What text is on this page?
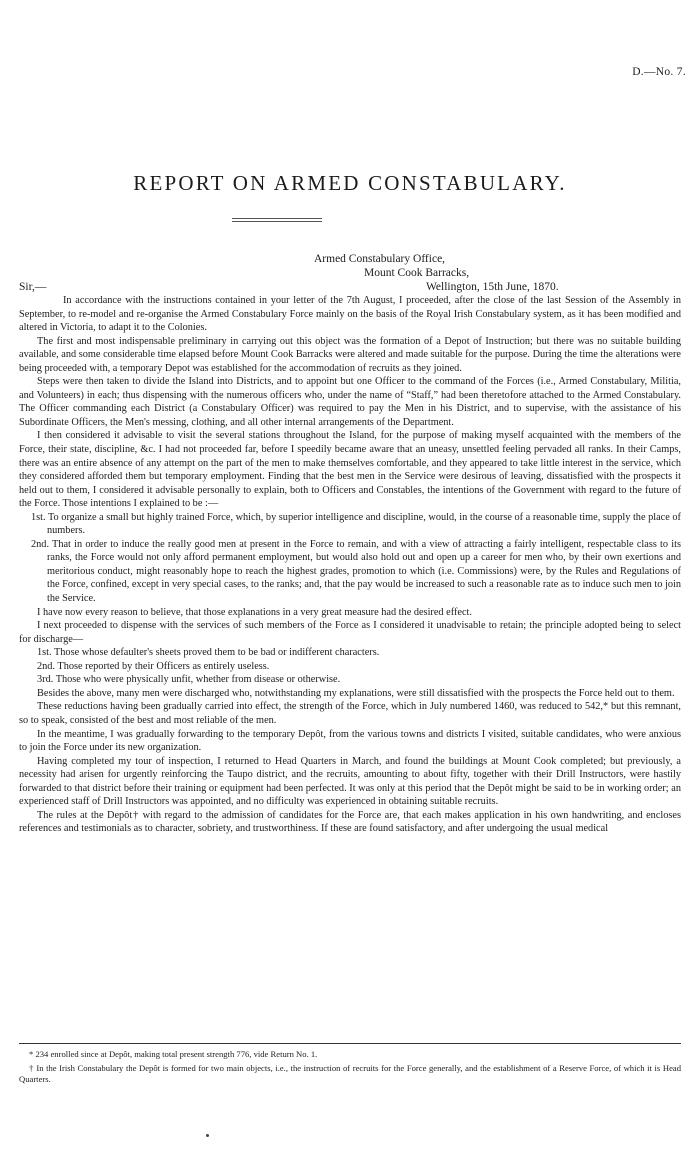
D.—No. 7.
REPORT ON ARMED CONSTABULARY.
Armed Constabulary Office,
Mount Cook Barracks,
Wellington, 15th June, 1870.
Sir,—

In accordance with the instructions contained in your letter of the 7th August, I proceeded, after the close of the last Session of the Assembly in September, to re-model and re-organise the Armed Constabulary Force mainly on the basis of the Royal Irish Constabulary system, as it has been modified and altered in Victoria, to adapt it to the Colonies.

The first and most indispensable preliminary in carrying out this object was the formation of a Depot of Instruction; but there was no suitable building available, and some considerable time elapsed before Mount Cook Barracks were altered and made suitable for the purpose. During the time the alterations were being proceeded with, a temporary Depot was established for the accommodation of recruits as they joined.

Steps were then taken to divide the Island into Districts, and to appoint but one Officer to the command of the Forces (i.e., Armed Constabulary, Militia, and Volunteers) in each; thus dispensing with the numerous officers who, under the name of “Staff,” had been theretofore attached to the Armed Constabulary. The Officer commanding each District (a Constabulary Officer) was required to pay the Men in his District, and to supervise, with the assistance of his Subordinate Officers, the Men's messing, clothing, and all other internal arrangements of the Department.

I then considered it advisable to visit the several stations throughout the Island, for the purpose of making myself acquainted with the members of the Force, their state, discipline, &c. I had not proceeded far, before I speedily became aware that an uneasy, unsettled feeling pervaded all ranks. In their Camps, there was an entire absence of any attempt on the part of the men to make themselves comfortable, and they appeared to take little interest in the service, which they considered afforded them but temporary employment. Finding that the best men in the Service were desirous of leaving, dissatisfied with the prospects it held out to them, I considered it advisable personally to explain, both to Officers and Constables, the intentions of the Government with regard to the future of the Force. Those intentions I explained to be :—

1st. To organize a small but highly trained Force, which, by superior intelligence and discipline, would, in the course of a reasonable time, supply the place of numbers.

2nd. That in order to induce the really good men at present in the Force to remain, and with a view of attracting a fairly intelligent, respectable class to its ranks, the Force would not only afford permanent employment, but would also hold out and open up a career for men who, by their own exertions and meritorious conduct, might reasonably hope to reach the highest grades, promotion to which (i.e. Commissions) were, by the Rules and Regulations of the Force, confined, except in very special cases, to the ranks; and, that the pay would be increased to such a reasonable rate as to induce such men to join the Service.

I have now every reason to believe, that those explanations in a very great measure had the desired effect.

I next proceeded to dispense with the services of such members of the Force as I considered it unadvisable to retain; the principle adopted being to select for discharge—

1st. Those whose defaulter's sheets proved them to be bad or indifferent characters.

2nd. Those reported by their Officers as entirely useless.

3rd. Those who were physically unfit, whether from disease or otherwise.

Besides the above, many men were discharged who, notwithstanding my explanations, were still dissatisfied with the prospects the Force held out to them.

These reductions having been gradually carried into effect, the strength of the Force, which in July numbered 1460, was reduced to 542,* but this remnant, so to speak, consisted of the best and most reliable of the men.

In the meantime, I was gradually forwarding to the temporary Depôt, from the various towns and districts I visited, suitable candidates, who were anxious to join the Force under its new organization.

Having completed my tour of inspection, I returned to Head Quarters in March, and found the buildings at Mount Cook completed; but previously, a necessity had arisen for urgently reinforcing the Taupo district, and the recruits, amounting to about fifty, together with their Drill Instructors, were hastily forwarded to that district before their training or equipment had been perfected. It was only at this period that the Depôt might be said to be in working order; an experienced staff of Drill Instructors was appointed, and no difficulty was experienced in obtaining suitable recruits.

The rules at the Depôt† with regard to the admission of candidates for the Force are, that each makes application in his own handwriting, and encloses references and testimonials as to character, sobriety, and trustworthiness. If these are found satisfactory, and after undergoing the usual medical

* 234 enrolled since at Depôt, making total present strength 776, vide Return No. 1.

† In the Irish Constabulary the Depôt is formed for two main objects, i.e., the instruction of recruits for the Force generally, and the establishment of a Reserve Force, of which it is Head Quarters.
